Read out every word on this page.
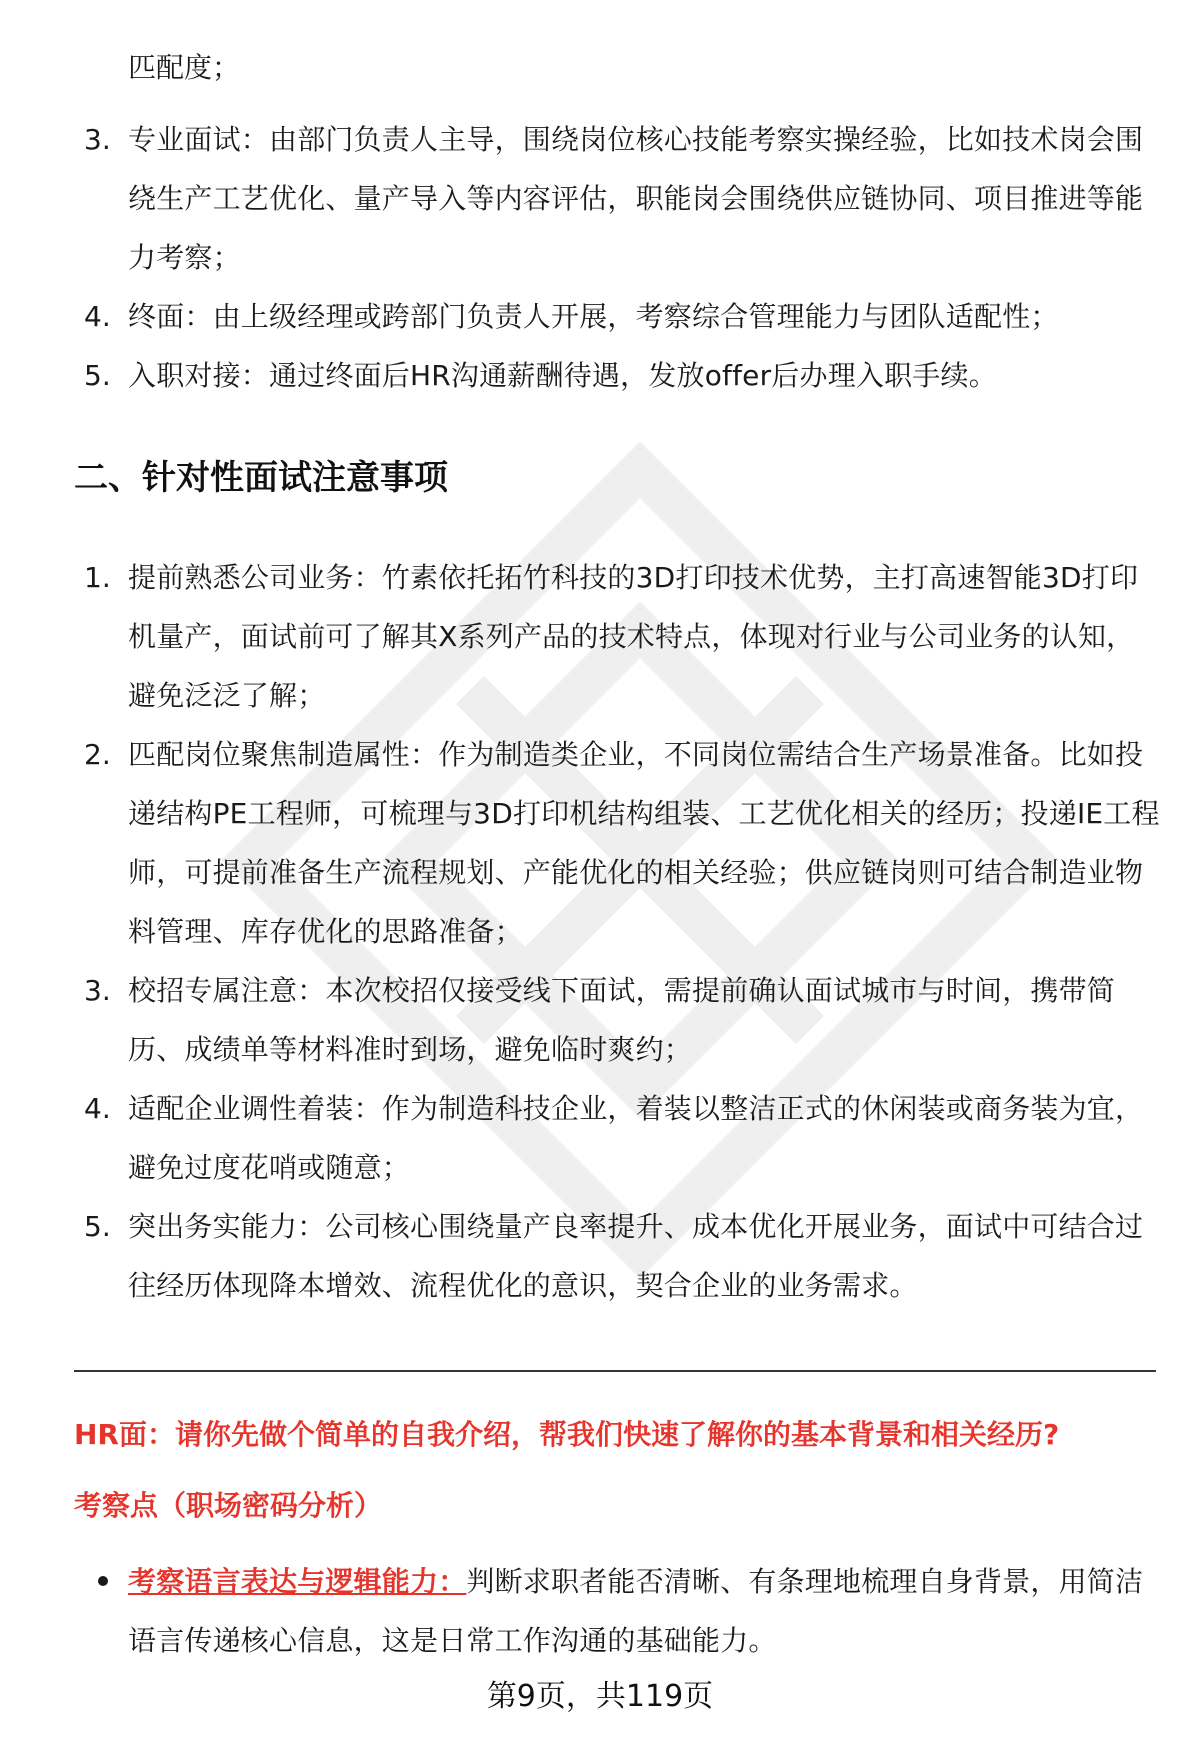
匹配度；
3. 专业面试：由部门负责人主导，围绕岗位核心技能考察实操经验，比如技术岗会围绕生产工艺优化、量产导入等内容评估，职能岗会围绕供应链协同、项目推进等能力考察；
4. 终面：由上级经理或跨部门负责人开展，考察综合管理能力与团队适配性；
5. 入职对接：通过终面后HR沟通薪酬待遇，发放offer后办理入职手续。
二、针对性面试注意事项
1. 提前熟悉公司业务：竹素依托拓竹科技的3D打印技术优势，主打高速智能3D打印机量产，面试前可了解其X系列产品的技术特点，体现对行业与公司业务的认知，避免泛泛了解；
2. 匹配岗位聚焦制造属性：作为制造类企业，不同岗位需结合生产场景准备。比如投递结构PE工程师，可梳理与3D打印机结构组装、工艺优化相关的经历；投递IE工程师，可提前准备生产流程规划、产能优化的相关经验；供应链岗则可结合制造业物料管理、库存优化的思路准备；
3. 校招专属注意：本次校招仅接受线下面试，需提前确认面试城市与时间，携带简历、成绩单等材料准时到场，避免临时爽约；
4. 适配企业调性着装：作为制造科技企业，着装以整洁正式的休闲装或商务装为宜，避免过度花哨或随意；
5. 突出务实能力：公司核心围绕量产良率提升、成本优化开展业务，面试中可结合过往经历体现降本增效、流程优化的意识，契合企业的业务需求。
HR面：请你先做个简单的自我介绍，帮我们快速了解你的基本背景和相关经历?
考察点（职场密码分析）
考察语言表达与逻辑能力：判断求职者能否清晰、有条理地梳理自身背景，用简洁语言传递核心信息，这是日常工作沟通的基础能力。
第9页，共119页
